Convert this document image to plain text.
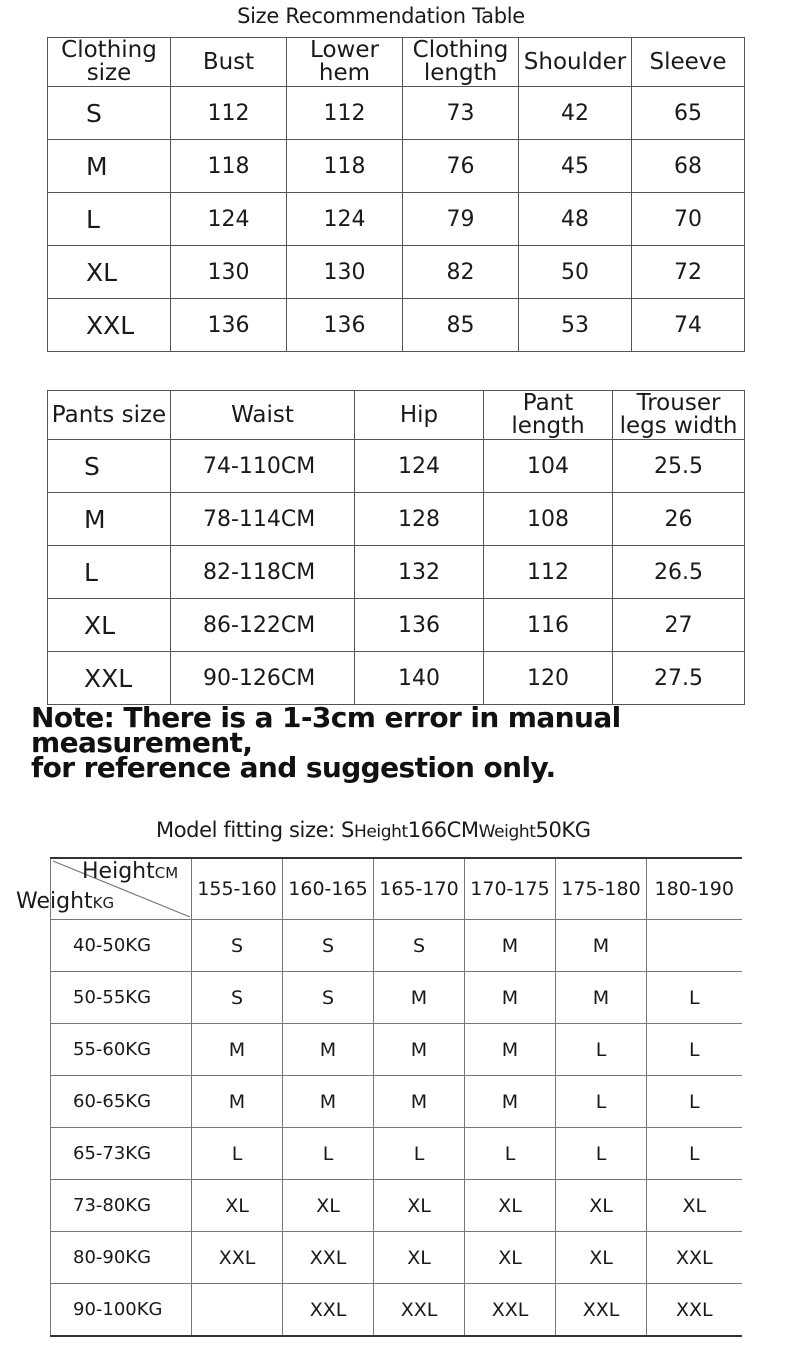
Size Recommendation Table
Clothing size	Bust	Lower hem	Clothing length	Shoulder	Sleeve
S	112	112	73	42	65
M	118	118	76	45	68
L	124	124	79	48	70
XL	130	130	82	50	72
XXL	136	136	85	53	74
Pants size	Waist	Hip	Pant length	Trouser legs width
S	74-110CM	124	104	25.5
M	78-114CM	128	108	26
L	82-118CM	132	112	26.5
XL	86-122CM	136	116	27
XXL	90-126CM	140	120	27.5
Note: There is a 1-3cm error in manual measurement,
for reference and suggestion only.
Model fitting size: SHeight166CMWeight50KG
HeightCM	155-160	160-165	165-170	170-175	175-180	180-190
40-50KG	S	S	S	M	M	
50-55KG	S	S	M	M	M	L
55-60KG	M	M	M	M	L	L
60-65KG	M	M	M	M	L	L
65-73KG	L	L	L	L	L	L
73-80KG	XL	XL	XL	XL	XL	XL
80-90KG	XXL	XXL	XL	XL	XL	XXL
90-100KG		XXL	XXL	XXL	XXL	XXL
WeightKG
